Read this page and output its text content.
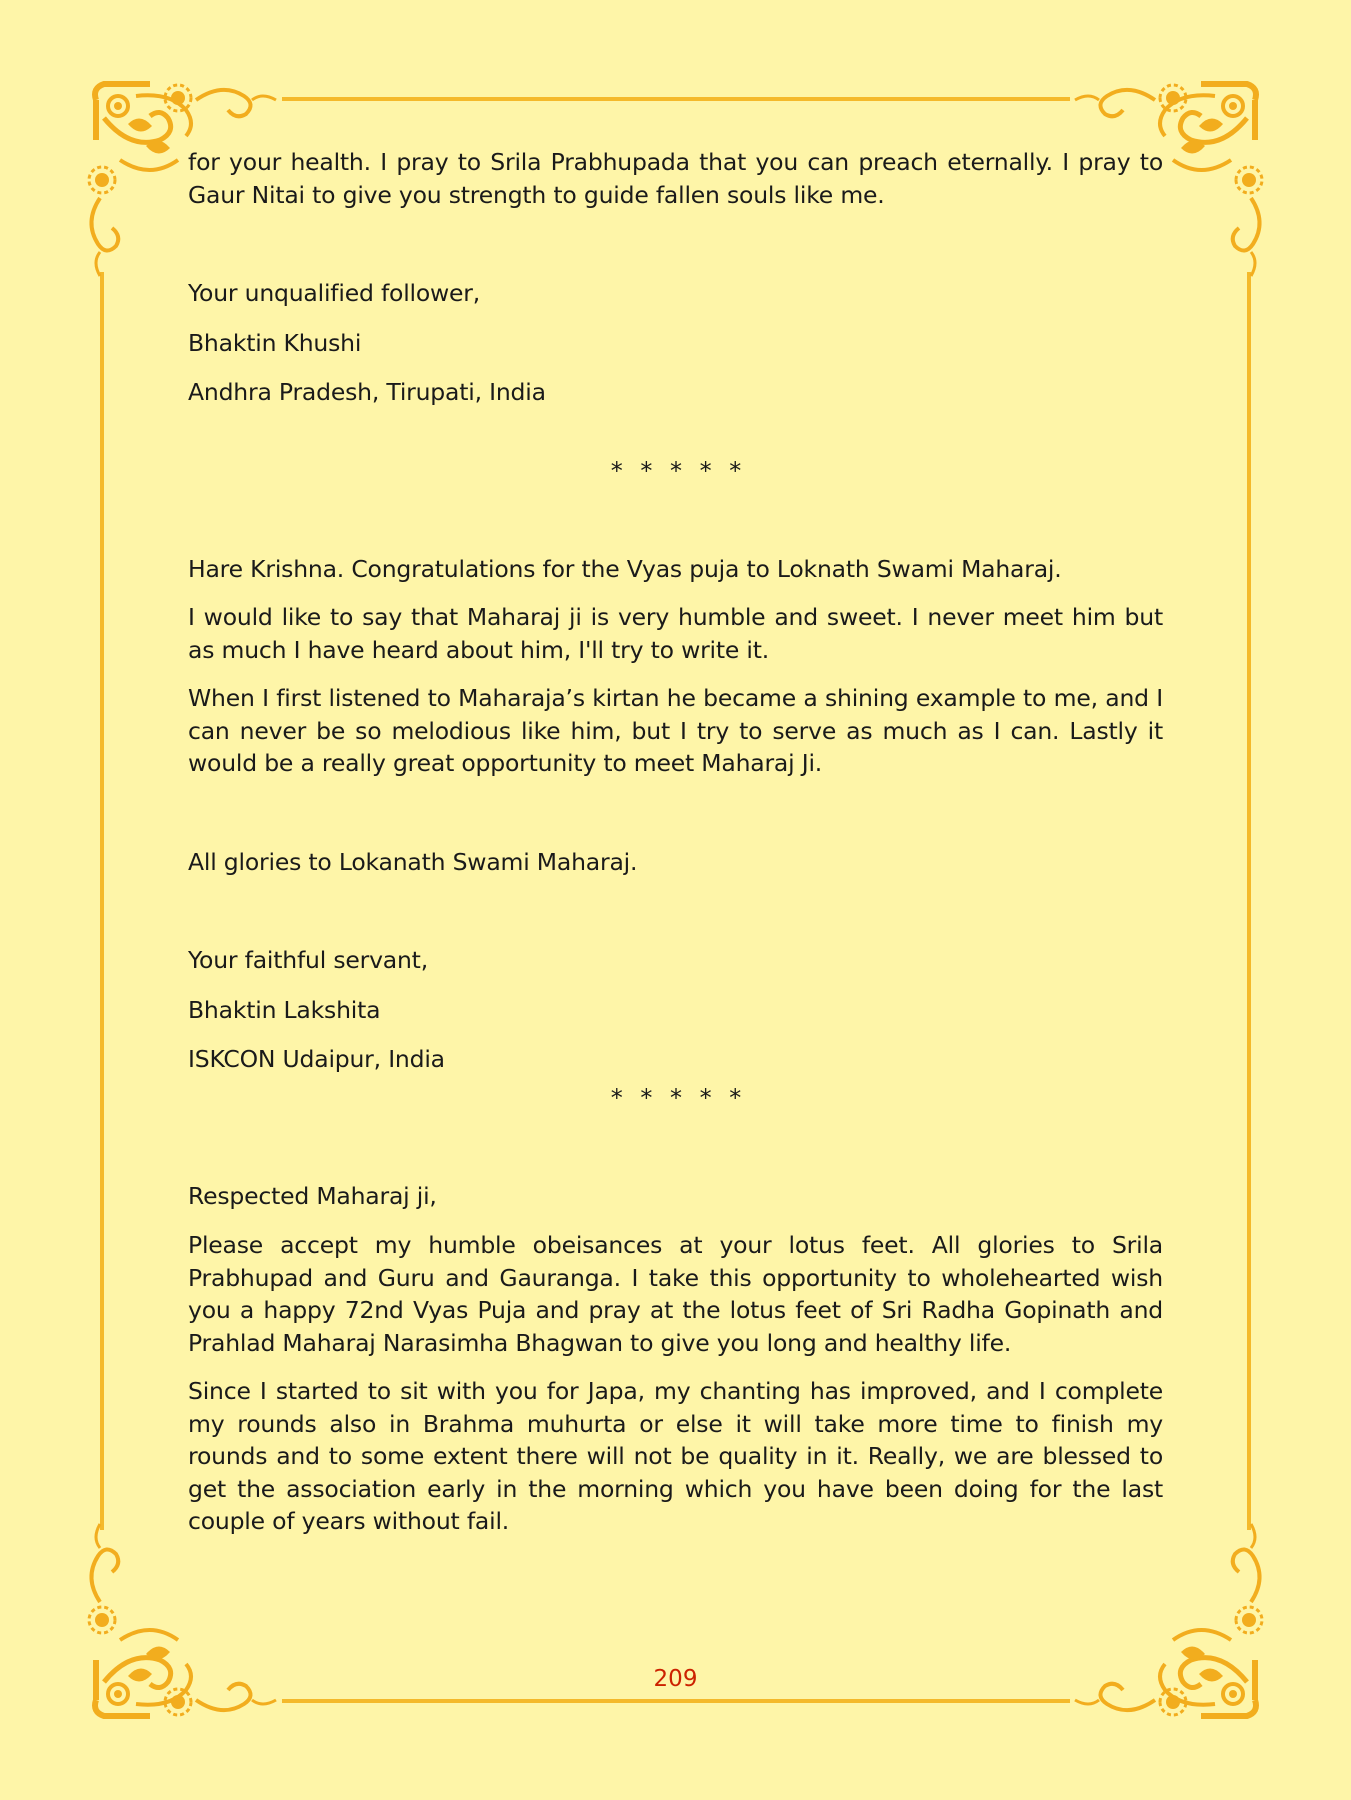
for your health. I pray to Srila Prabhupada that you can preach eternally. I pray to Gaur Nitai to give you strength to guide fallen souls like me.

Your unqualified follower,

Bhaktin Khushi

Andhra Pradesh, Tirupati, India

* * * * *

Hare Krishna. Congratulations for the Vyas puja to Loknath Swami Maharaj.

I would like to say that Maharaj ji is very humble and sweet. I never meet him but as much I have heard about him, I'll try to write it.

When I first listened to Maharaja’s kirtan he became a shining example to me, and I can never be so melodious like him, but I try to serve as much as I can. Lastly it would be a really great opportunity to meet Maharaj Ji.

All glories to Lokanath Swami Maharaj.

Your faithful servant,

Bhaktin Lakshita

ISKCON Udaipur, India

* * * * *

Respected Maharaj ji,

Please accept my humble obeisances at your lotus feet. All glories to Srila Prabhupad and Guru and Gauranga. I take this opportunity to wholehearted wish you a happy 72nd Vyas Puja and pray at the lotus feet of Sri Radha Gopinath and Prahlad Maharaj Narasimha Bhagwan to give you long and healthy life.

Since I started to sit with you for Japa, my chanting has improved, and I complete my rounds also in Brahma muhurta or else it will take more time to finish my rounds and to some extent there will not be quality in it. Really, we are blessed to get the association early in the morning which you have been doing for the last couple of years without fail.

209
